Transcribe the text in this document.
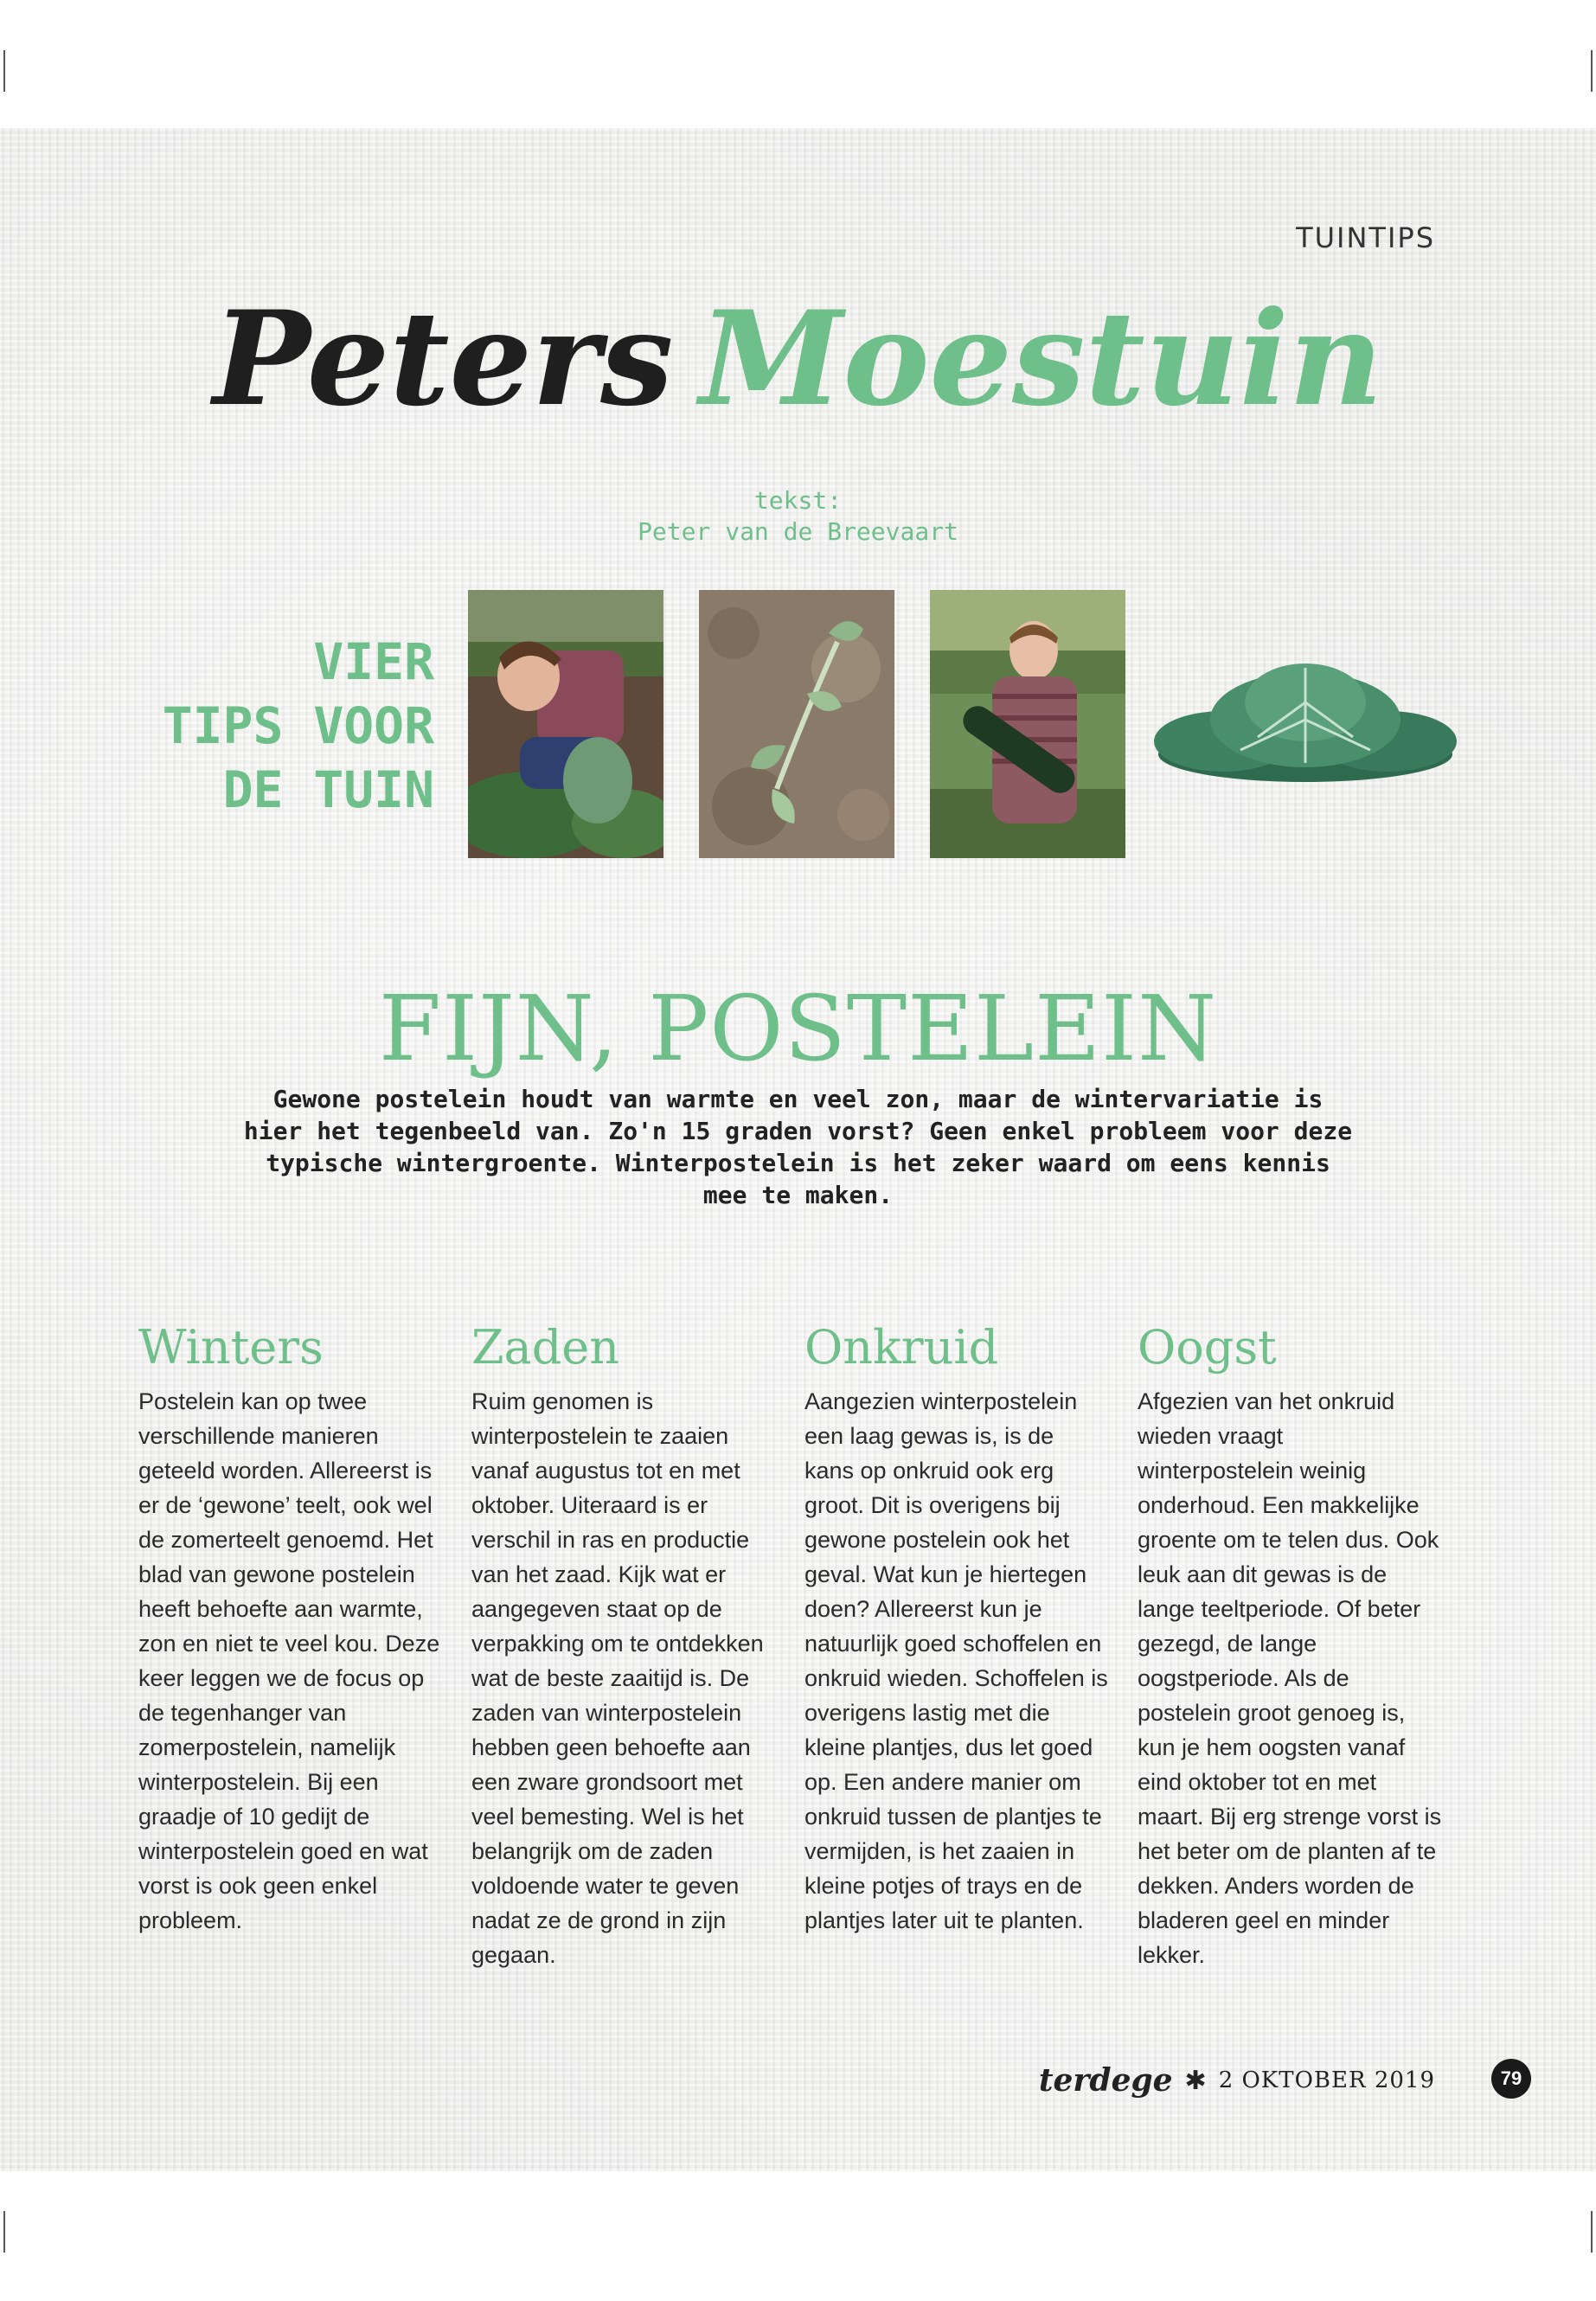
TUINTIPS
Peters Moestuin
tekst:
Peter van de Breevaart
VIER
TIPS VOOR
DE TUIN
FIJN, POSTELEIN
Gewone postelein houdt van warmte en veel zon, maar de wintervariatie is hier het tegenbeeld van. Zo'n 15 graden vorst? Geen enkel probleem voor deze typische wintergroente. Winterpostelein is het zeker waard om eens kennis mee te maken.
Winters

Postelein kan op twee verschillende manieren geteeld worden. Allereerst is er de ‘gewone’ teelt, ook wel de zomerteelt genoemd. Het blad van gewone postelein heeft behoefte aan warmte, zon en niet te veel kou. Deze keer leggen we de focus op de tegenhanger van zomerpostelein, namelijk winterpostelein. Bij een graadje of 10 gedijt de winterpostelein goed en wat vorst is ook geen enkel probleem.

Zaden

Ruim genomen is winterpostelein te zaaien vanaf augustus tot en met oktober. Uiteraard is er verschil in ras en productie van het zaad. Kijk wat er aangegeven staat op de verpakking om te ontdekken wat de beste zaaitijd is. De zaden van winterpostelein hebben geen behoefte aan een zware grondsoort met veel bemesting. Wel is het belangrijk om de zaden voldoende water te geven nadat ze de grond in zijn gegaan.

Onkruid

Aangezien winterpostelein een laag gewas is, is de kans op onkruid ook erg groot. Dit is overigens bij gewone postelein ook het geval. Wat kun je hiertegen doen? Allereerst kun je natuurlijk goed schoffelen en onkruid wieden. Schoffelen is overigens lastig met die kleine plantjes, dus let goed op. Een andere manier om onkruid tussen de plantjes te vermijden, is het zaaien in kleine potjes of trays en de plantjes later uit te planten.

Oogst

Afgezien van het onkruid wieden vraagt winterpostelein weinig onderhoud. Een makkelijke groente om te telen dus. Ook leuk aan dit gewas is de lange teeltperiode. Of beter gezegd, de lange oogstperiode. Als de postelein groot genoeg is, kun je hem oogsten vanaf eind oktober tot en met maart. Bij erg strenge vorst is het beter om de planten af te dekken. Anders worden de bladeren geel en minder lekker.

terdege ✱ 2 OKTOBER 2019	79
